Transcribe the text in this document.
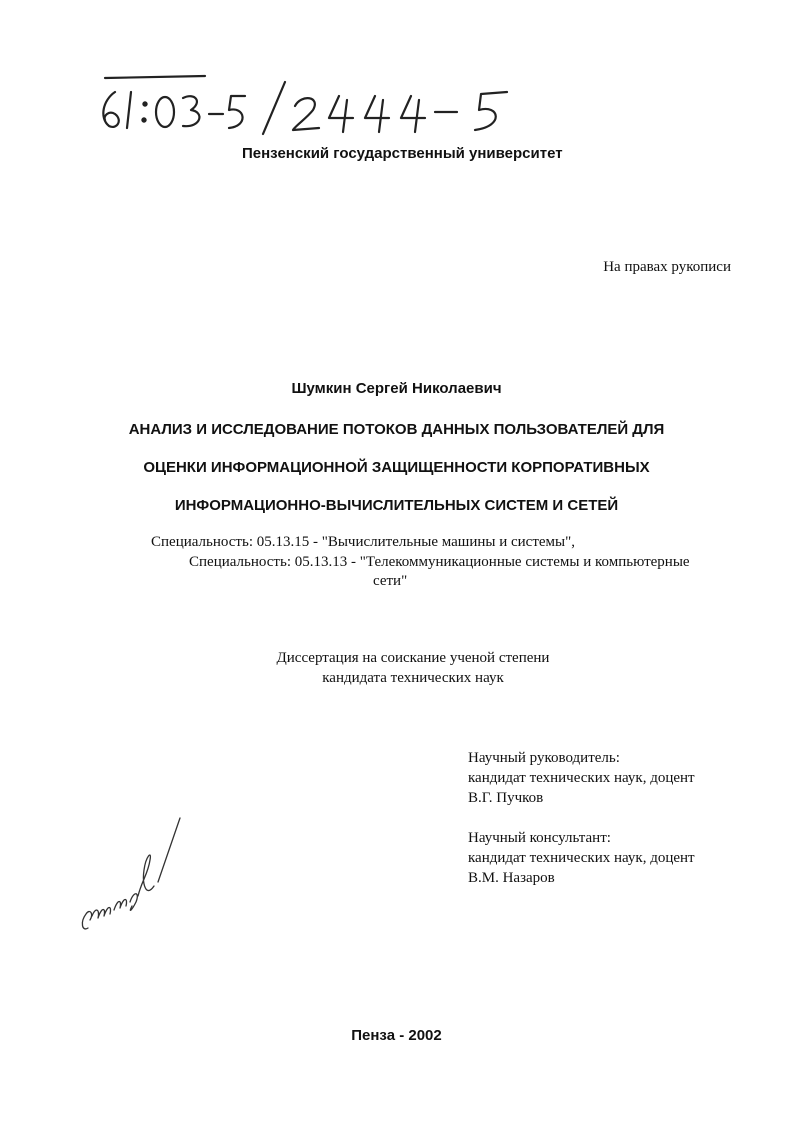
Пензенский государственный университет
На правах рукописи
Шумкин Сергей Николаевич
АНАЛИЗ И ИССЛЕДОВАНИЕ ПОТОКОВ ДАННЫХ ПОЛЬЗОВАТЕЛЕЙ ДЛЯ
ОЦЕНКИ ИНФОРМАЦИОННОЙ ЗАЩИЩЕННОСТИ КОРПОРАТИВНЫХ
ИНФОРМАЦИОННО-ВЫЧИСЛИТЕЛЬНЫХ СИСТЕМ И СЕТЕЙ
Специальность: 05.13.15 - "Вычислительные машины и системы",
Специальность: 05.13.13 - "Телекоммуникационные системы и компьютерные
сети"
Диссертация на соискание ученой степени
кандидата технических наук
Научный руководитель:
кандидат технических наук, доцент
В.Г. Пучков
Научный консультант:
кандидат технических наук, доцент
В.М. Назаров
Пенза - 2002
